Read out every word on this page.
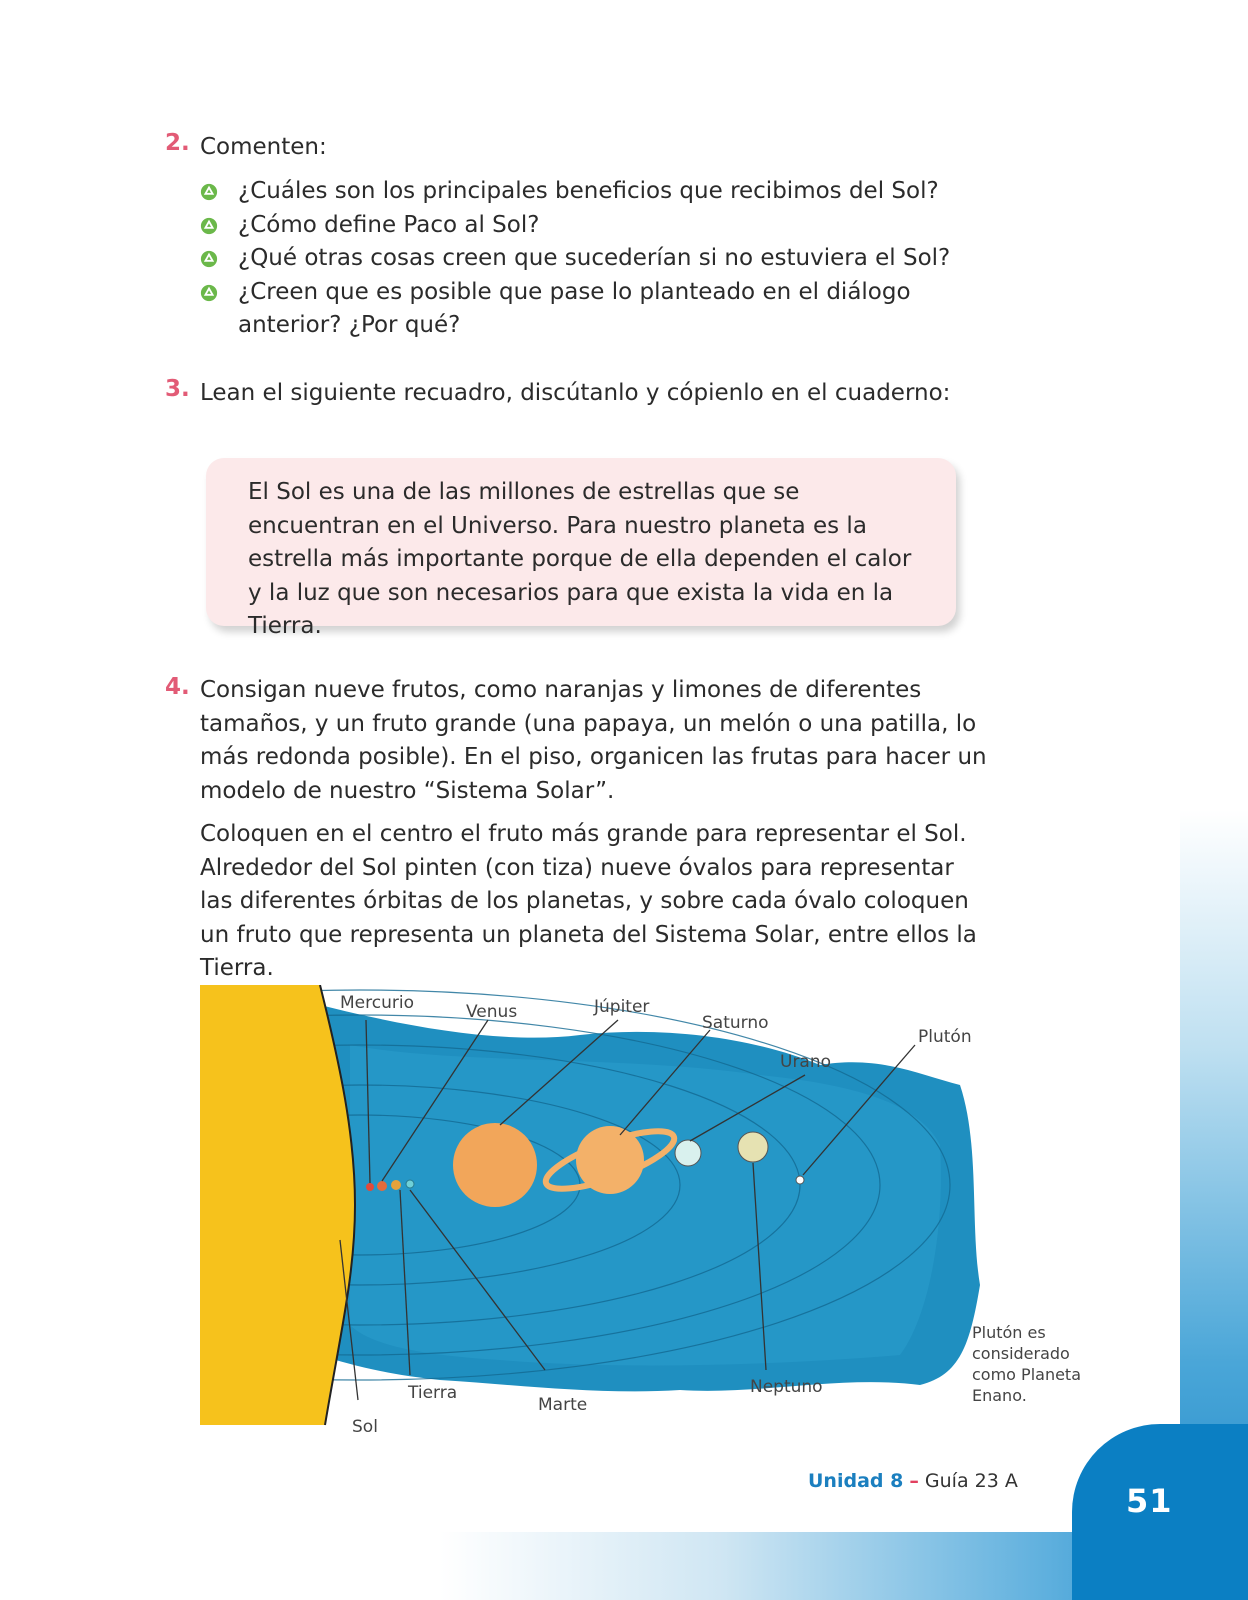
51
2. Comenten:
¿Cuáles son los principales beneficios que recibimos del Sol?
¿Cómo define Paco al Sol?
¿Qué otras cosas creen que sucederían si no estuviera el Sol?
¿Creen que es posible que pase lo planteado en el diálogo anterior? ¿Por qué?
3. Lean el siguiente recuadro, discútanlo y cópienlo en el cuaderno:

El Sol es una de las millones de estrellas que se encuentran en el Universo. Para nuestro planeta es la estrella más importante porque de ella dependen el calor y la luz que son necesarios para que exista la vida en la Tierra.

4. Consigan nueve frutos, como naranjas y limones de diferentes tamaños, y un fruto grande (una papaya, un melón o una patilla, lo más redonda posible). En el piso, organicen las frutas para hacer un modelo de nuestro “Sistema Solar”.

Coloquen en el centro el fruto más grande para representar el Sol. Alrededor del Sol pinten (con tiza) nueve óvalos para representar las diferentes órbitas de los planetas, y sobre cada óvalo coloquen un fruto que representa un planeta del Sistema Solar, entre ellos la Tierra.

Mercurio	Venus	Júpiter
Saturno
Urano
Plutón
Tierra
Marte
Neptuno
Sol
Plutón es considerado como Planeta Enano.
Unidad 8 – Guía 23 A
